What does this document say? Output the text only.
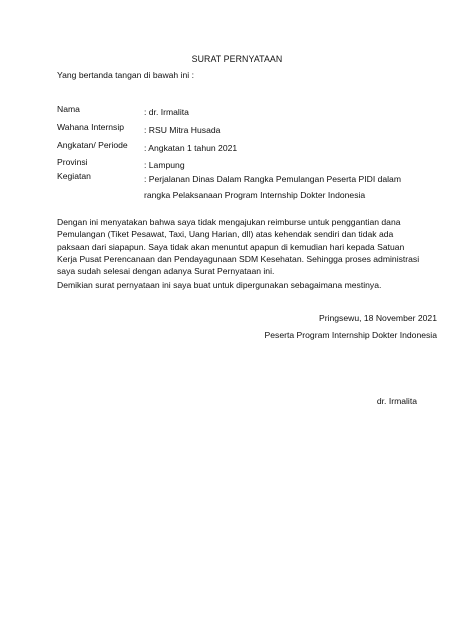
SURAT PERNYATAAN
Yang bertanda tangan di bawah ini :
Nama	: dr. Irmalita
Wahana Internsip : RSU Mitra Husada
Angkatan/ Periode : Angkatan 1 tahun 2021
Provinsi	: Lampung
Kegiatan	: Perjalanan Dinas Dalam Rangka Pemulangan Peserta PIDI dalam rangka Pelaksanaan Program Internship Dokter Indonesia
Dengan ini menyatakan bahwa saya tidak mengajukan reimburse untuk penggantian dana Pemulangan (Tiket Pesawat, Taxi, Uang Harian, dll) atas kehendak sendiri dan tidak ada paksaan dari siapapun. Saya tidak akan menuntut apapun di kemudian hari kepada Satuan Kerja Pusat Perencanaan dan Pendayagunaan SDM Kesehatan. Sehingga proses administrasi saya sudah selesai dengan adanya Surat Pernyataan ini.
Demikian surat pernyataan ini saya buat untuk dipergunakan sebagaimana mestinya.
Pringsewu, 18 November 2021
Peserta Program Internship Dokter Indonesia
dr. Irmalita
